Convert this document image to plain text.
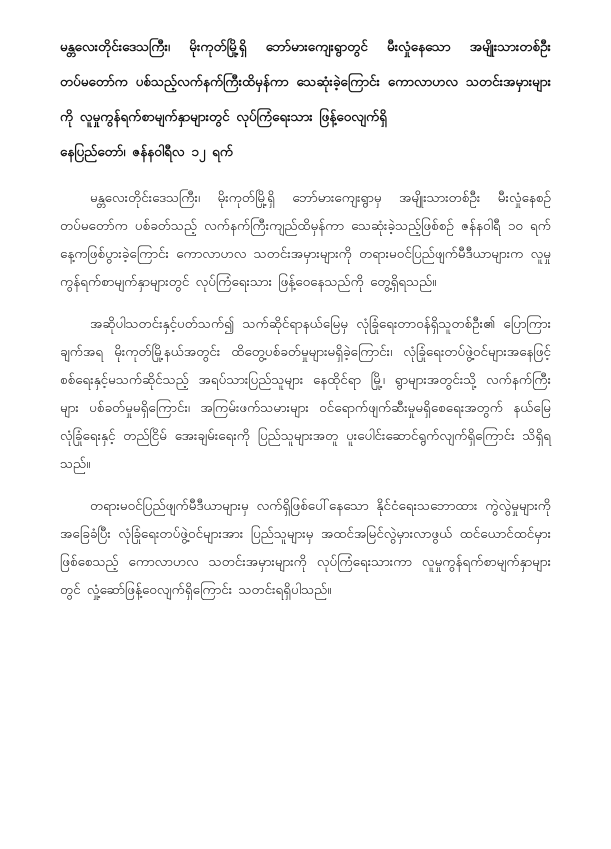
မန္တလေးတိုင်းဒေသကြီး၊ မိုးကုတ်မြို့ရှိ ဘော်မားကျေးရွာတွင် မီးလှုံနေသော အမျိုးသားတစ်ဦး တပ်မတော်က ပစ်သည့်လက်နက်ကြီးထိမှန်ကာ သေဆုံးခဲ့ကြောင်း ကောလာဟလ သတင်းအမှားများကို လူမှုကွန်ရက်စာမျက်နှာများတွင် လုပ်ကြံရေးသား ဖြန့်ဝေလျက်ရှိ
နေပြည်တော်၊ ဇန်နဝါရီလ ၁၂ ရက်

မန္တလေးတိုင်းဒေသကြီး၊ မိုးကုတ်မြို့ရှိ ဘော်မားကျေးရွာမှ အမျိုးသားတစ်ဦး မီးလှုံနေစဉ် တပ်မတော်က ပစ်ခတ်သည့် လက်နက်ကြီးကျည်ထိမှန်ကာ သေဆုံးခဲ့သည့်ဖြစ်စဉ် ဇန်နဝါရီ ၁၀ ရက်နေ့ကဖြစ်ပွားခဲ့ကြောင်း ကောလာဟလ သတင်းအမှားများကို တရားမဝင်ပြည်ဖျက်မီဒီယာများက လူမှုကွန်ရက်စာမျက်နှာများတွင် လုပ်ကြံရေးသား ဖြန့်ဝေနေသည်ကို တွေ့ရှိရသည်။

အဆိုပါသတင်းနှင့်ပတ်သက်၍ သက်ဆိုင်ရာနယ်မြေမှ လုံခြုံရေးတာဝန်ရှိသူတစ်ဦး၏ ပြောကြားချက်အရ မိုးကုတ်မြို့နယ်အတွင်း ထိတွေ့ပစ်ခတ်မှုများမရှိခဲ့ကြောင်း၊ လုံခြုံရေးတပ်ဖွဲ့ဝင်များအနေဖြင့် စစ်ရေးနှင့်မသက်ဆိုင်သည့် အရပ်သားပြည်သူများ နေထိုင်ရာ မြို့၊ ရွာများအတွင်းသို့ လက်နက်ကြီးများ ပစ်ခတ်မှုမရှိကြောင်း၊ အကြမ်းဖက်သမားများ ဝင်ရောက်ဖျက်ဆီးမှုမရှိစေရေးအတွက် နယ်မြေလုံခြုံရေးနှင့် တည်ငြိမ် အေးချမ်းရေးကို ပြည်သူများအတူ ပူးပေါင်းဆောင်ရွက်လျက်ရှိကြောင်း သိရှိရသည်။

တရားမဝင်ပြည်ဖျက်မီဒီယာများမှ လက်ရှိဖြစ်ပေါ်နေသော နိုင်ငံရေးသဘောထား ကွဲလွဲမှုများကို အခြေခံပြီး လုံခြုံရေးတပ်ဖွဲ့ဝင်များအား ပြည်သူများမှ အထင်အမြင်လွဲမှားလာဖွယ် ထင်ယောင်ထင်မှားဖြစ်စေသည့် ကောလာဟလ သတင်းအမှားများကို လုပ်ကြံရေးသားကာ လူမှုကွန်ရက်စာမျက်နှာများတွင် လှုံ့ဆော်ဖြန့်ဝေလျက်ရှိကြောင်း သတင်းရရှိပါသည်။
